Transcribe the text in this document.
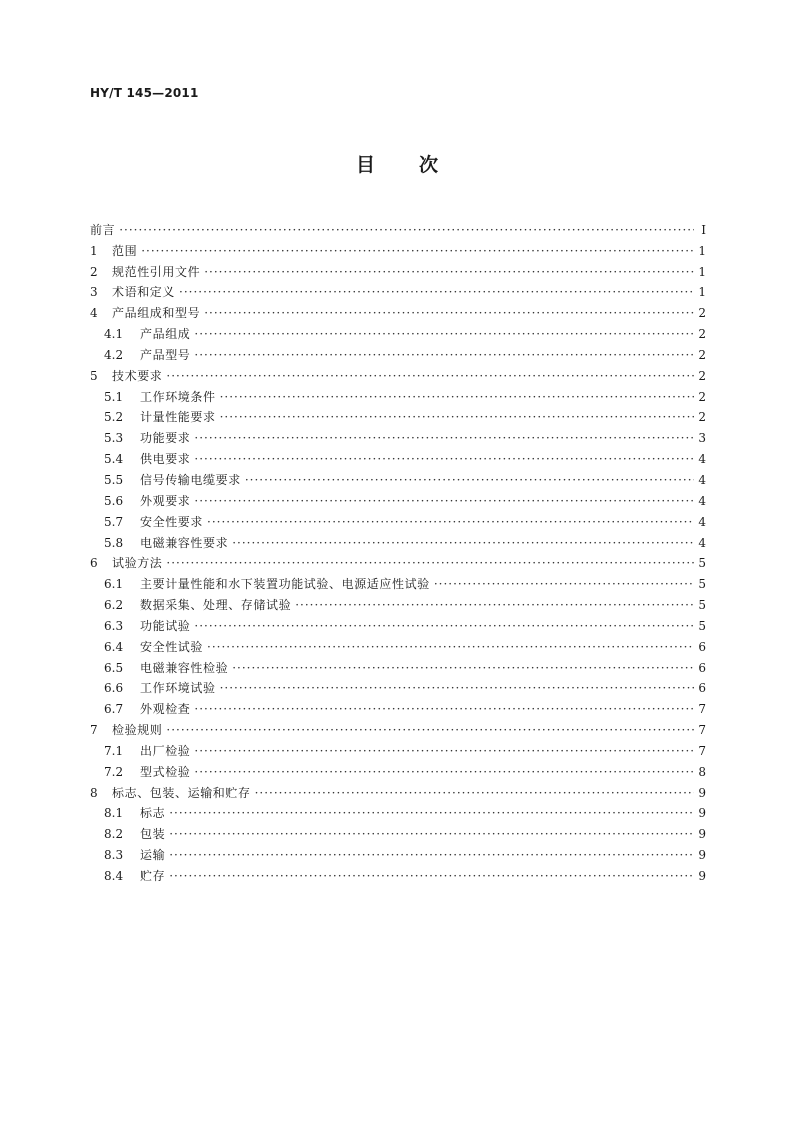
HY/T 145—2011
目 次
前言 ·····	Ⅰ
1	范围 ·····	1
2	规范性引用文件 ·····	1
3	术语和定义 ·····	1
4	产品组成和型号 ·····	2
4.1	产品组成 ·····	2
4.2	产品型号 ·····	2
5	技术要求 ·····	2
5.1	工作环境条件 ·····	2
5.2	计量性能要求 ·····	2
5.3	功能要求 ·····	3
5.4	供电要求 ·····	4
5.5	信号传输电缆要求 ·····	4
5.6	外观要求 ·····	4
5.7	安全性要求 ·····	4
5.8	电磁兼容性要求 ·····	4
6	试验方法 ·····	5
6.1	主要计量性能和水下装置功能试验、电源适应性试验 ·····	5
6.2	数据采集、处理、存储试验 ·····	5
6.3	功能试验 ·····	5
6.4	安全性试验 ·····	6
6.5	电磁兼容性检验 ·····	6
6.6	工作环境试验 ·····	6
6.7	外观检查 ·····	7
7	检验规则 ·····	7
7.1	出厂检验 ·····	7
7.2	型式检验 ·····	8
8	标志、包装、运输和贮存 ·····	9
8.1	标志 ·····	9
8.2	包装 ·····	9
8.3	运输 ·····	9
8.4	贮存 ·····	9
